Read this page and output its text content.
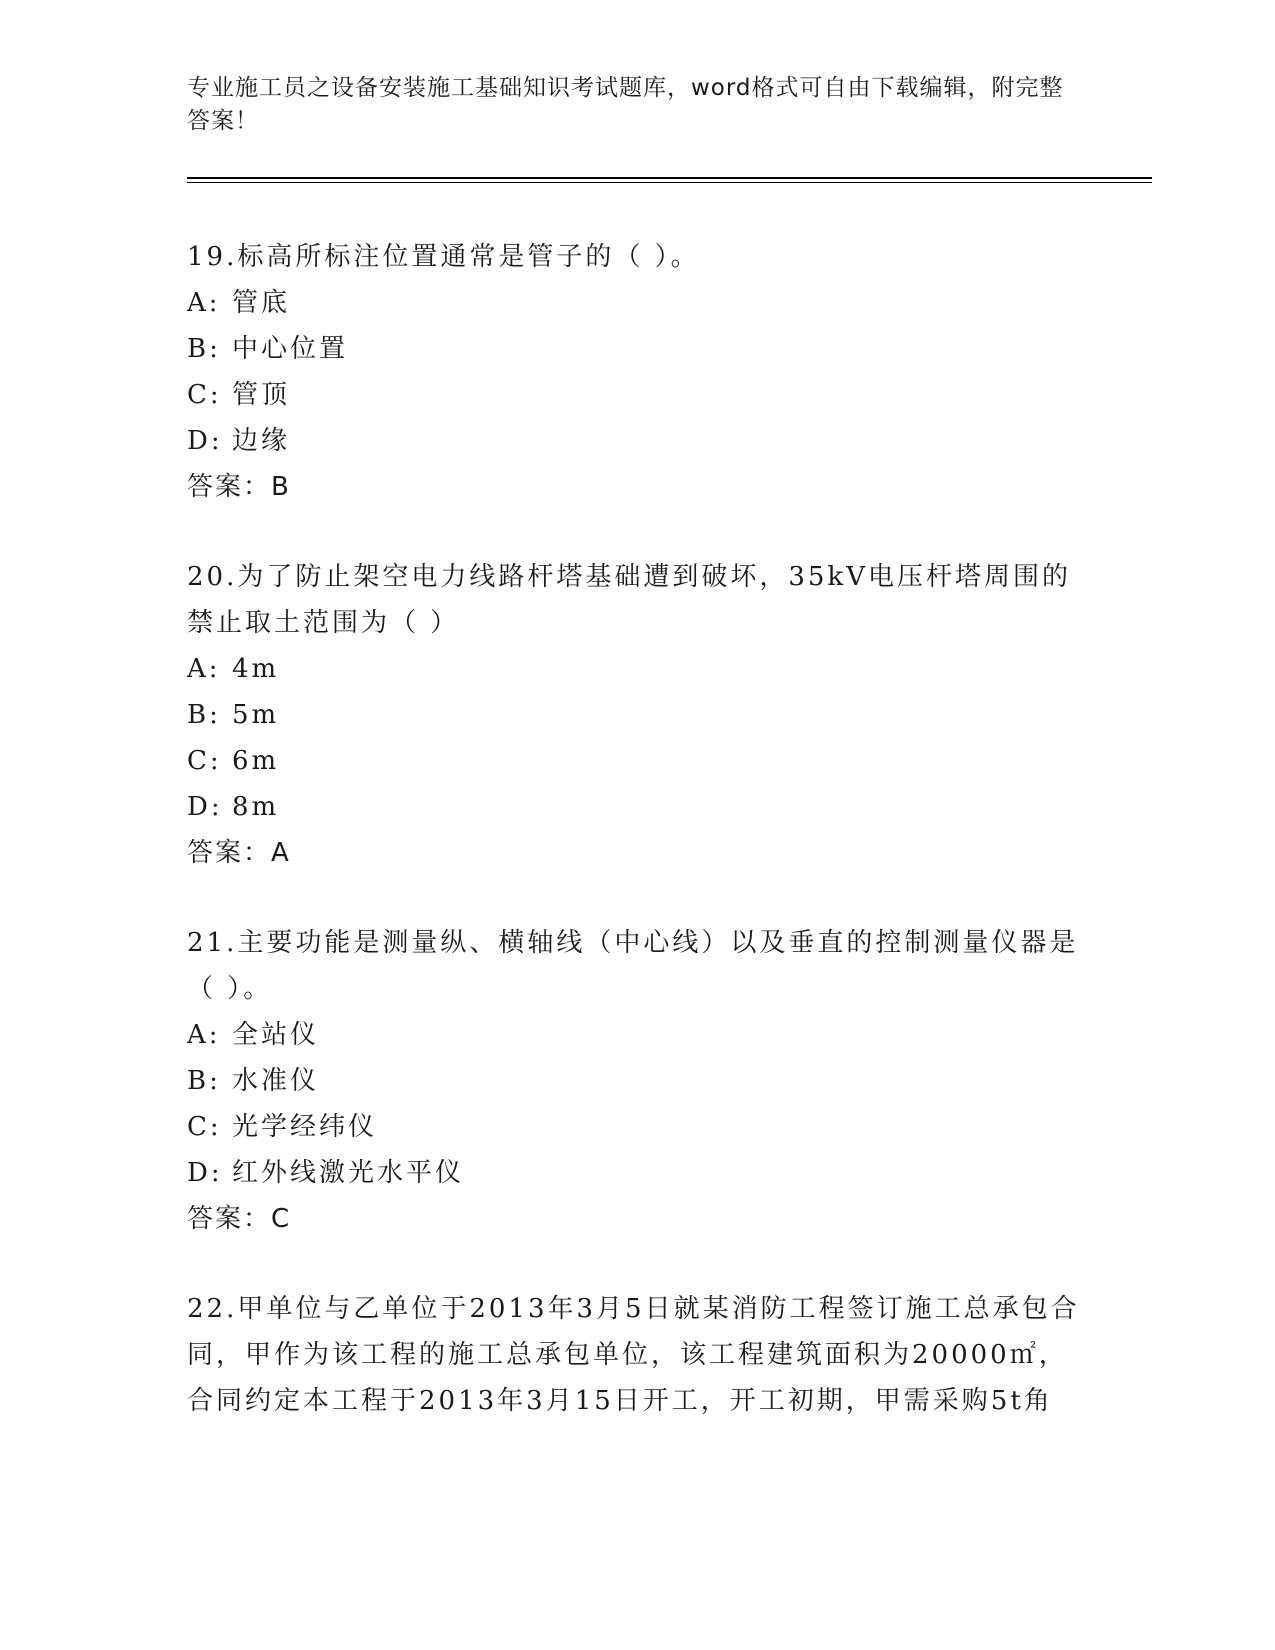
专业施工员之设备安装施工基础知识考试题库，word格式可自由下载编辑，附完整答案！
19.标高所标注位置通常是管子的（ ）。
A: 管底
B: 中心位置
C: 管顶
D: 边缘
答案：B
20.为了防止架空电力线路杆塔基础遭到破坏，35kV电压杆塔周围的禁止取土范围为（ ）
A: 4m
B: 5m
C: 6m
D: 8m
答案：A
21.主要功能是测量纵、横轴线（中心线）以及垂直的控制测量仪器是（ ）。
A: 全站仪
B: 水准仪
C: 光学经纬仪
D: 红外线激光水平仪
答案：C
22.甲单位与乙单位于2013年3月5日就某消防工程签订施工总承包合同，甲作为该工程的施工总承包单位，该工程建筑面积为20000㎡，合同约定本工程于2013年3月15日开工，开工初期，甲需采购5t角
